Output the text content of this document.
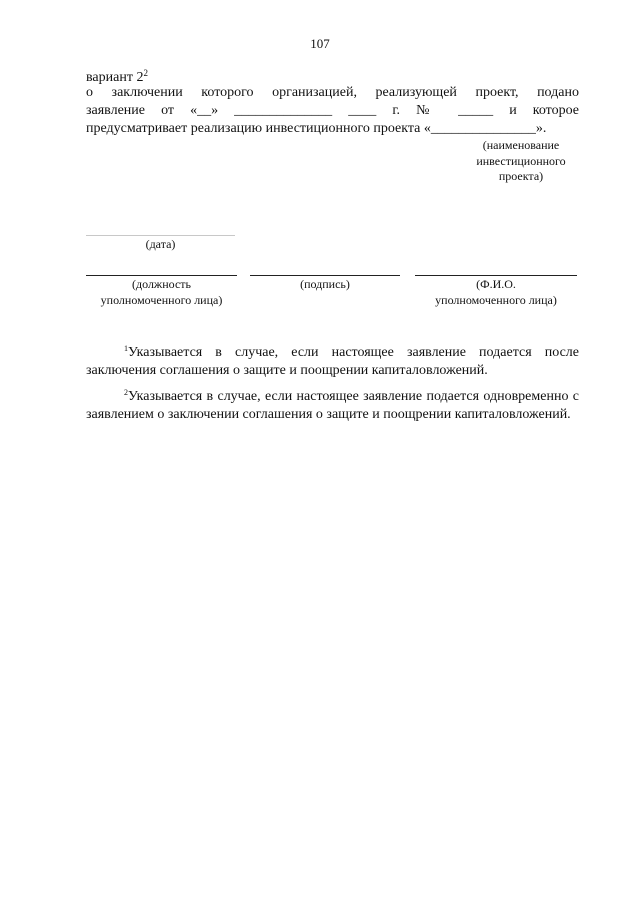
107
вариант $2^2$
о заключении которого организацией, реализующей проект, подано
заявление от «__» ______________ ____ г. № _____ и которое
предусматривает реализацию инвестиционного проекта «_______________».
(наименование
инвестиционного
проекта)
(дата)
(должность
уполномоченного лица)
(подпись)	(Ф.И.О.
уполномоченного лица)

$^1$Указывается в случае, если настоящее заявление подается после заключения соглашения о защите и поощрении капиталовложений.

$^2$Указывается в случае, если настоящее заявление подается одновременно с заявлением о заключении соглашения о защите и поощрении капиталовложений.
